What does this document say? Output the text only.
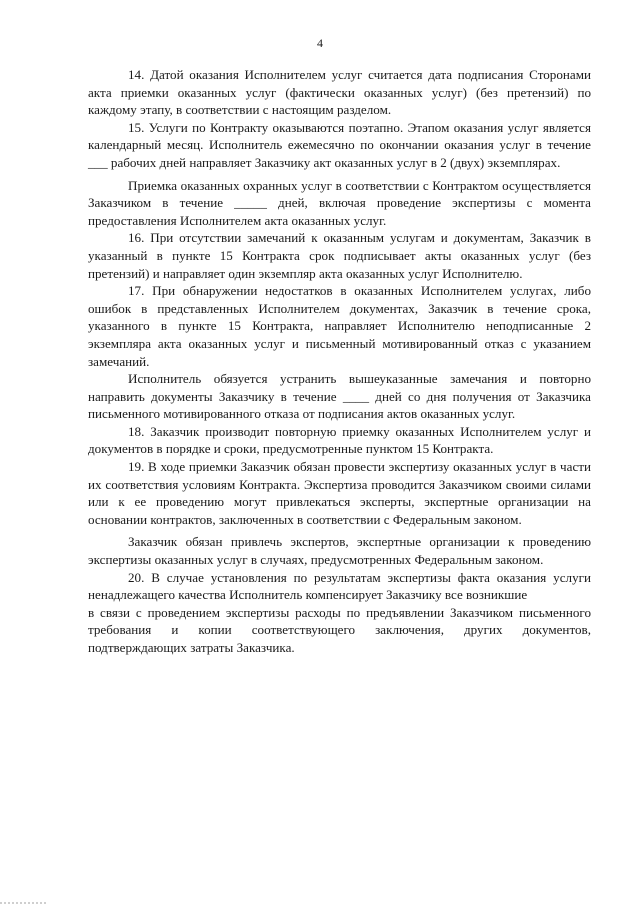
4

14. Датой оказания Исполнителем услуг считается дата подписания Сторонами акта приемки оказанных услуг (фактически оказанных услуг) (без претензий) по каждому этапу, в соответствии с настоящим разделом.

15. Услуги по Контракту оказываются поэтапно. Этапом оказания услуг является календарный месяц. Исполнитель ежемесячно по окончании оказания услуг в течение ___ рабочих дней направляет Заказчику акт оказанных услуг в 2 (двух) экземплярах.

Приемка оказанных охранных услуг в соответствии с Контрактом осуществляется Заказчиком в течение _____ дней, включая проведение экспертизы с момента предоставления Исполнителем акта оказанных услуг.

16. При отсутствии замечаний к оказанным услугам и документам, Заказчик в указанный в пункте 15 Контракта срок подписывает акты оказанных услуг (без претензий) и направляет один экземпляр акта оказанных услуг Исполнителю.

17. При обнаружении недостатков в оказанных Исполнителем услугах, либо ошибок в представленных Исполнителем документах, Заказчик в течение срока, указанного в пункте 15 Контракта, направляет Исполнителю неподписанные 2 экземпляра акта оказанных услуг и письменный мотивированный отказ с указанием замечаний.

Исполнитель обязуется устранить вышеуказанные замечания и повторно направить документы Заказчику в течение ____ дней со дня получения от Заказчика письменного мотивированного отказа от подписания актов оказанных услуг.

18. Заказчик производит повторную приемку оказанных Исполнителем услуг и документов в порядке и сроки, предусмотренные пунктом 15 Контракта.

19. В ходе приемки Заказчик обязан провести экспертизу оказанных услуг в части их соответствия условиям Контракта. Экспертиза проводится Заказчиком своими силами или к ее проведению могут привлекаться эксперты, экспертные организации на основании контрактов, заключенных в соответствии с Федеральным законом.

Заказчик обязан привлечь экспертов, экспертные организации к проведению экспертизы оказанных услуг в случаях, предусмотренных Федеральным законом.

20. В случае установления по результатам экспертизы факта оказания услуги ненадлежащего качества Исполнитель компенсирует Заказчику все возникшие

в связи с проведением экспертизы расходы по предъявлении Заказчиком письменного требования и копии соответствующего заключения, других документов, подтверждающих затраты Заказчика.
